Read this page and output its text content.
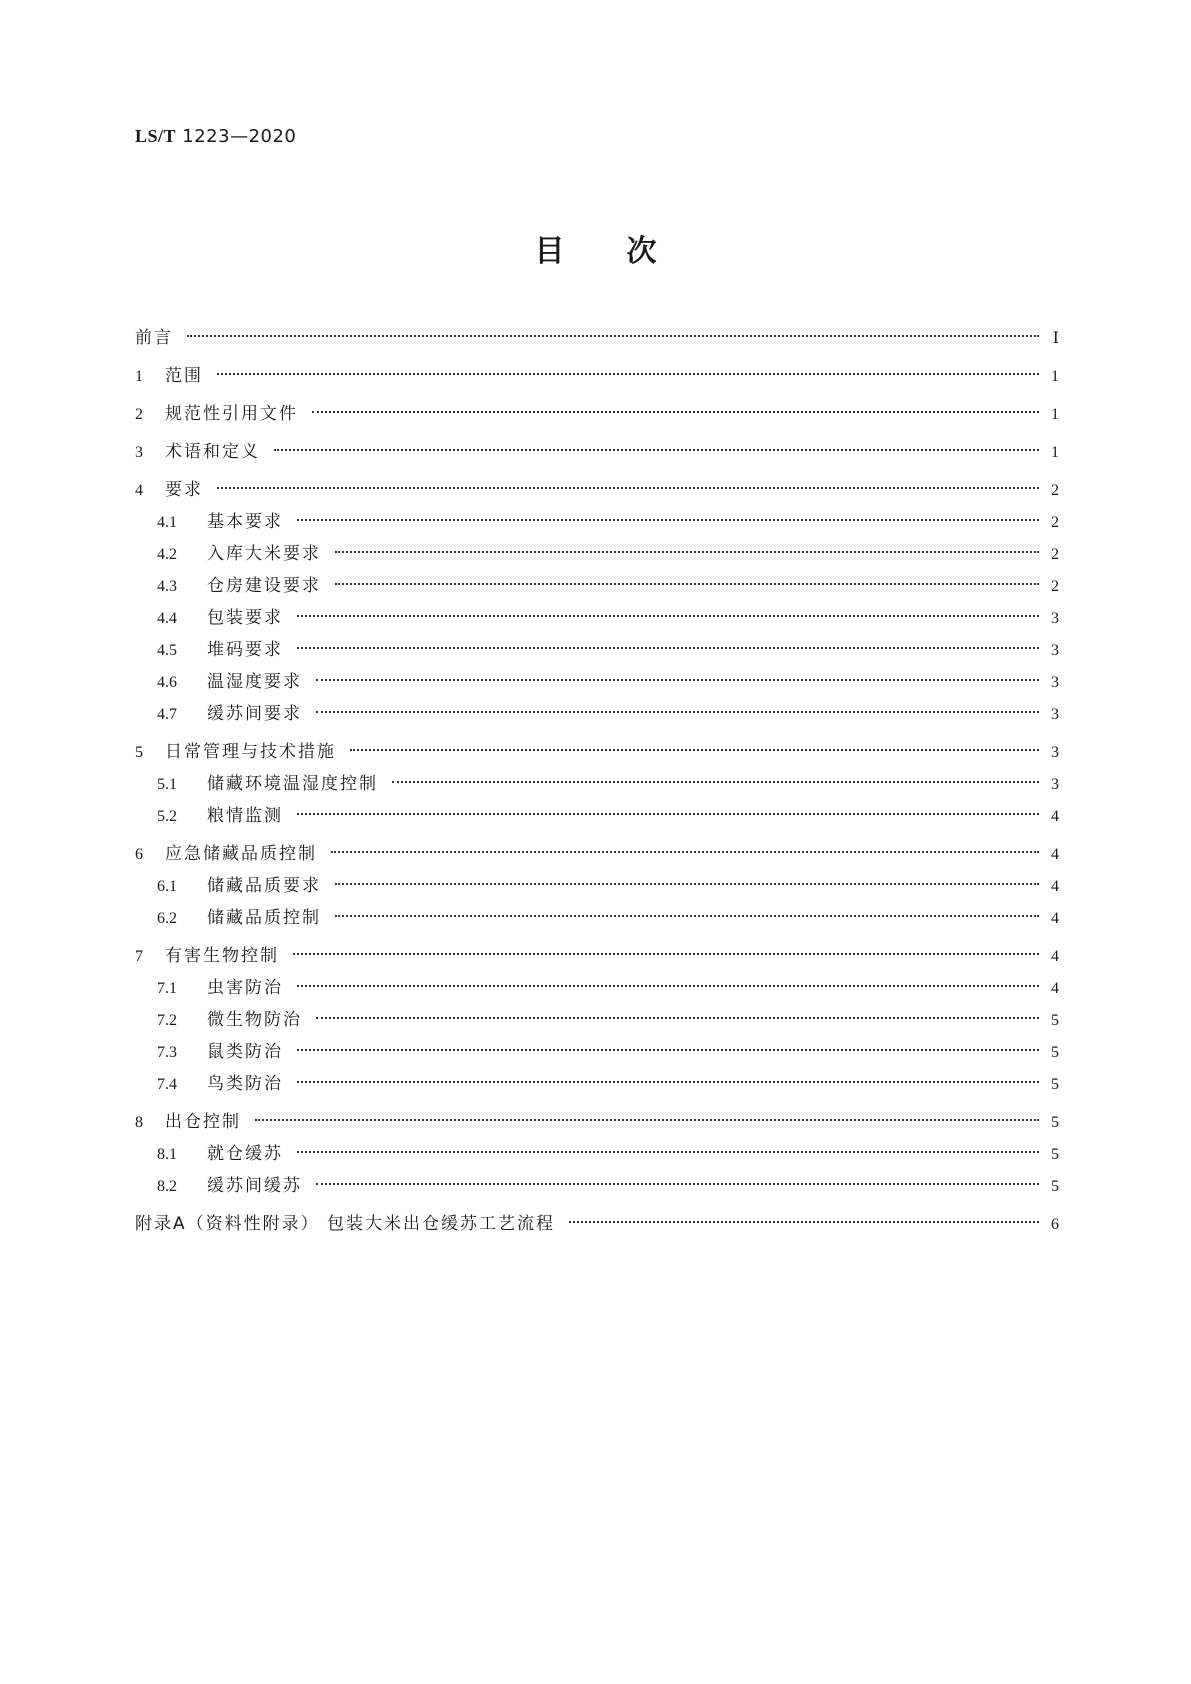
LS/T 1223—2020
目次
前言	Ⅰ
1	范围	1
2	规范性引用文件	1
3	术语和定义	1
4	要求	2
4.1	基本要求	2
4.2	入库大米要求	2
4.3	仓房建设要求	2
4.4	包装要求	3
4.5	堆码要求	3
4.6	温湿度要求	3
4.7	缓苏间要求	3
5	日常管理与技术措施	3
5.1	储藏环境温湿度控制	3
5.2	粮情监测	4
6	应急储藏品质控制	4
6.1	储藏品质要求	4
6.2	储藏品质控制	4
7	有害生物控制	4
7.1	虫害防治	4
7.2	微生物防治	5
7.3	鼠类防治	5
7.4	鸟类防治	5
8	出仓控制	5
8.1	就仓缓苏	5
8.2	缓苏间缓苏	5
附录A（资料性附录） 包装大米出仓缓苏工艺流程	6
